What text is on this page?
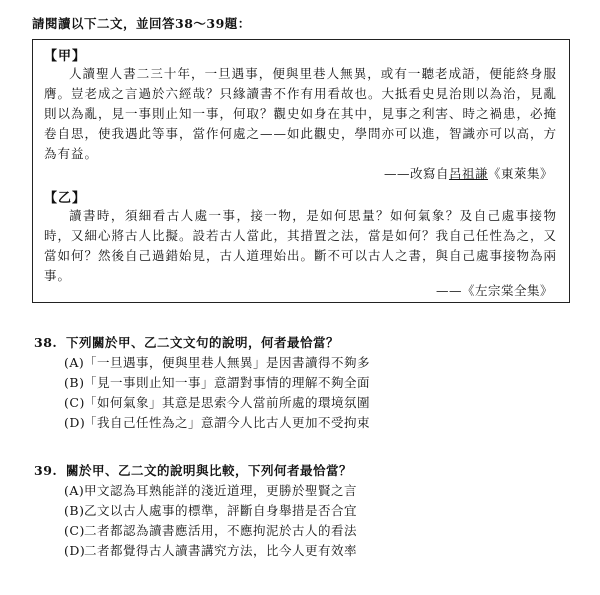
請閱讀以下二文，並回答38～39題：
【甲】

人讀聖人書二三十年，一旦遇事，便與里巷人無異，或有一聽老成語，便能終身服膺。豈老成之言過於六經哉？只緣讀書不作有用看故也。大抵看史見治則以為治，見亂則以為亂，見一事則止知一事，何取？觀史如身在其中，見事之利害、時之禍患，必掩卷自思，使我遇此等事，當作何處之——如此觀史，學問亦可以進，智識亦可以高，方為有益。

——改寫自呂祖謙《東萊集》
【乙】

讀書時，須細看古人處一事，接一物，是如何思量？如何氣象？及自己處事接物時，又細心將古人比擬。設若古人當此，其措置之法，當是如何？我自己任性為之，又當如何？然後自己過錯始見，古人道理始出。斷不可以古人之書，與自己處事接物為兩事。

——《左宗棠全集》
38. 下列關於甲、乙二文文句的說明，何者最恰當？
(A) 「一旦遇事，便與里巷人無異」是因書讀得不夠多
(B) 「見一事則止知一事」意謂對事情的理解不夠全面
(C) 「如何氣象」其意是思索今人當前所處的環境氛圍
(D)
「我自己任性為之」意謂今人比古人更加不受拘束
39. 關於甲、乙二文的說明與比較，下列何者最恰當？
(A) 甲文認為耳熟能詳的淺近道理，更勝於聖賢之言
(B) 乙文以古人處事的標準，評斷自身舉措是否合宜
(C) 二者都認為讀書應活用，不應拘泥於古人的看法
(D)
二者都覺得古人讀書講究方法，比今人更有效率
